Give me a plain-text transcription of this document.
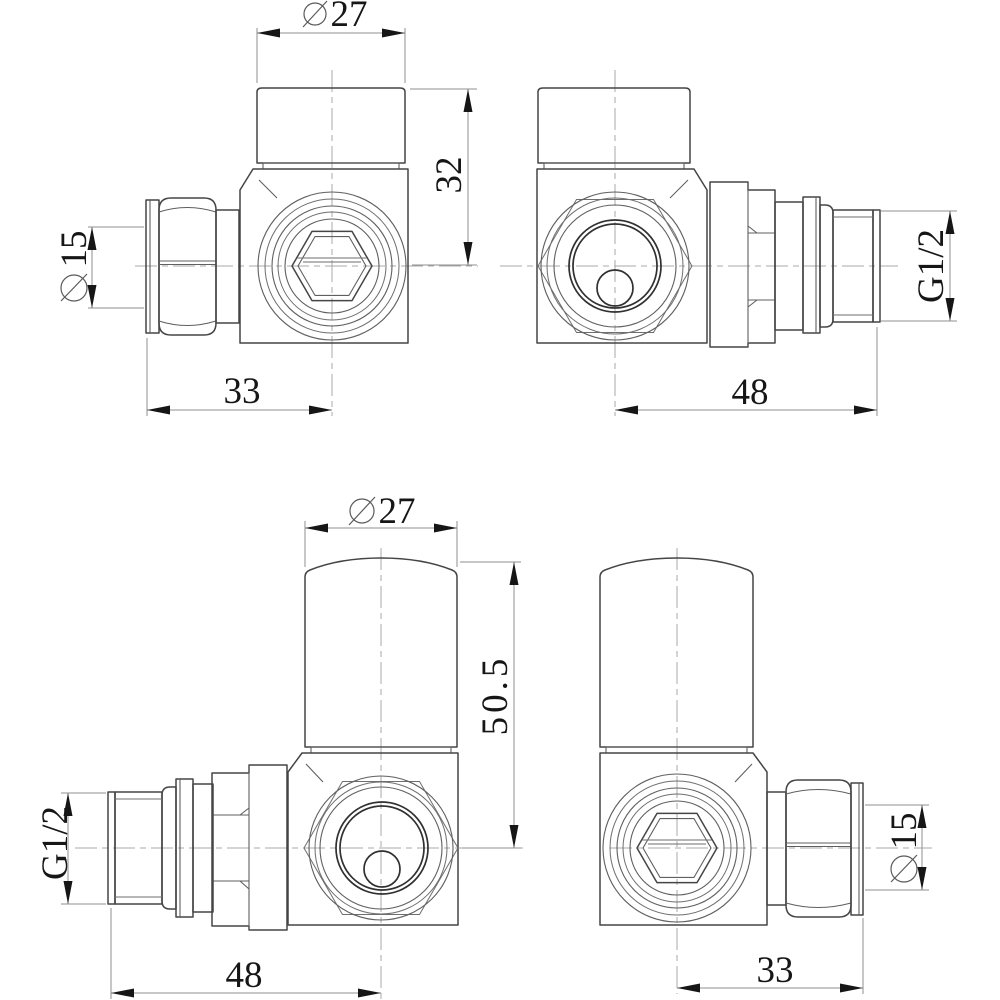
27
32
15
33
G1/2
48
27
50.5
G1/2
48
15
33
